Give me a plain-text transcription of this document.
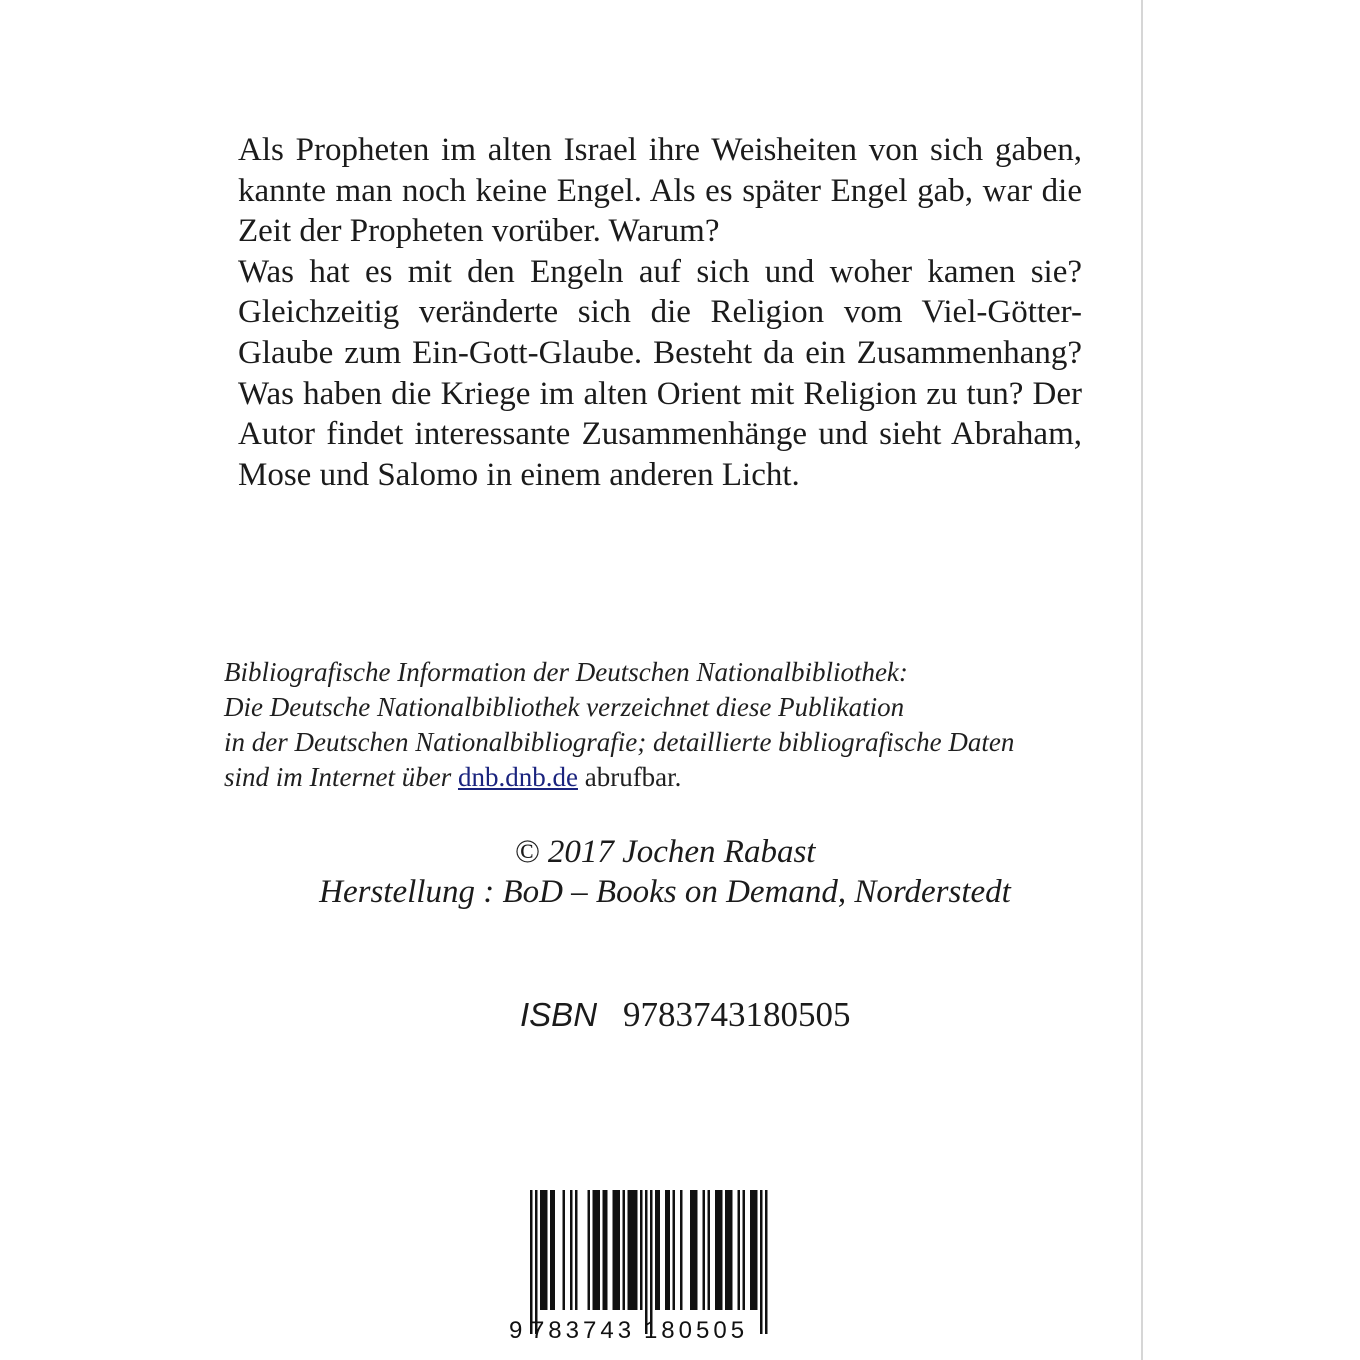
Als Propheten im alten Israel ihre Weisheiten von sich gaben, kannte man noch keine Engel. Als es später Engel gab, war die Zeit der Propheten vorüber. Warum?

Was hat es mit den Engeln auf sich und woher kamen sie? Gleichzeitig veränderte sich die Religion vom Viel-Götter-Glaube zum Ein-Gott-Glaube. Besteht da ein Zusammenhang? Was haben die Kriege im alten Orient mit Religion zu tun? Der Autor findet interessante Zusammenhänge und sieht Abraham, Mose und Salomo in einem anderen Licht.

Bibliografische Information der Deutschen Nationalbibliothek:
Die Deutsche Nationalbibliothek verzeichnet diese Publikation
in der Deutschen Nationalbibliografie; detaillierte bibliografische Daten
sind im Internet über dnb.dnb.de abrufbar.
© 2017 Jochen Rabast
Herstellung : BoD – Books on Demand, Norderstedt
ISBN 9783743180505
9 783743 180505
